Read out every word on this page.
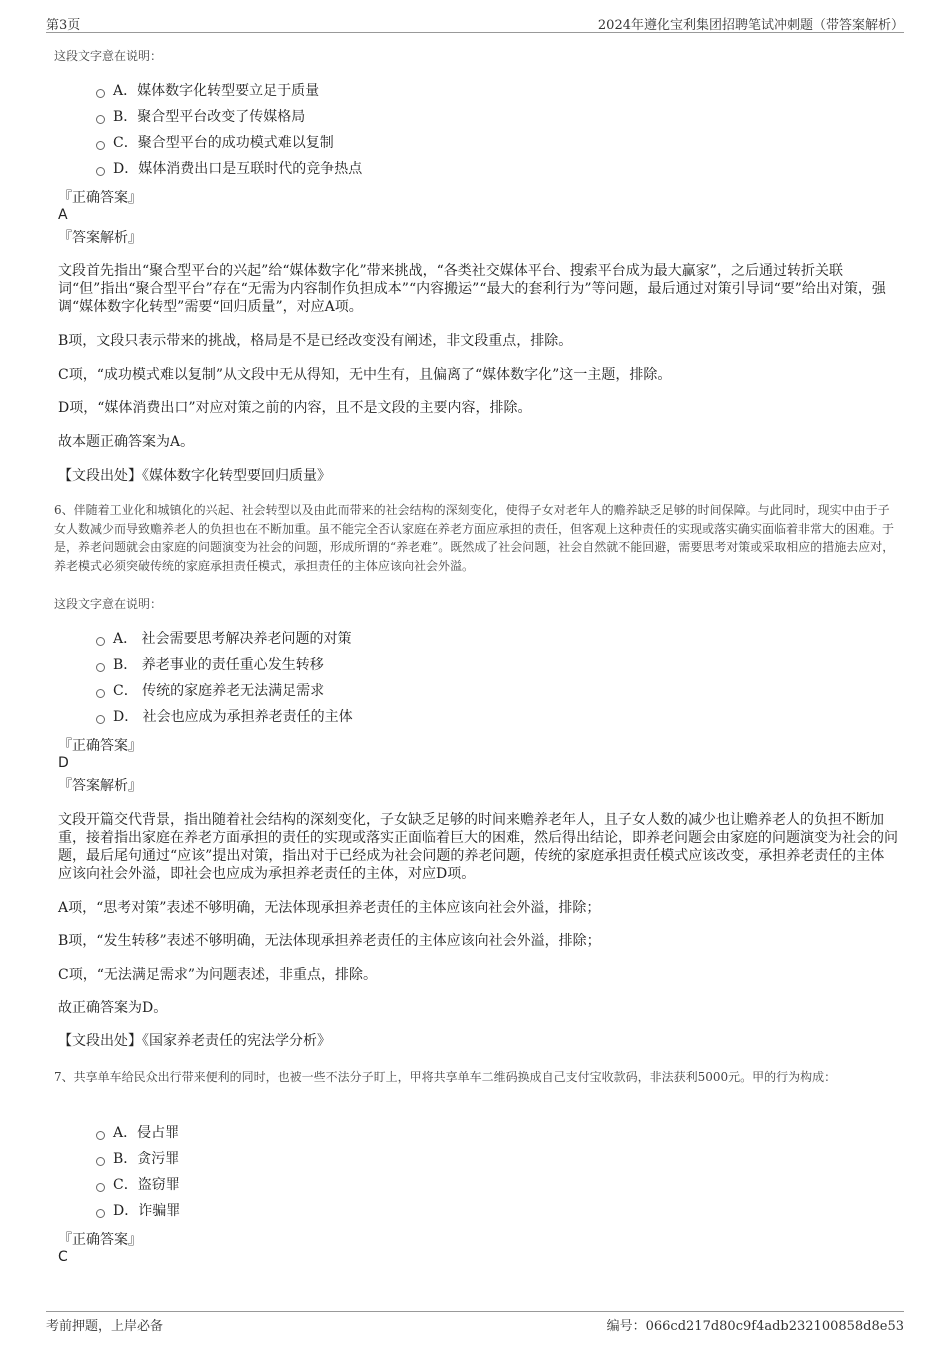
第3页	2024年遵化宝利集团招聘笔试冲刺题（带答案解析）
这段文字意在说明：
A．媒体数字化转型要立足于质量
B．聚合型平台改变了传媒格局
C．聚合型平台的成功模式难以复制
D．媒体消费出口是互联时代的竞争热点
『正确答案』
A
『答案解析』

文段首先指出“聚合型平台的兴起”给“媒体数字化”带来挑战，“各类社交媒体平台、搜索平台成为最大赢家”，之后通过转折关联词“但”指出“聚合型平台”存在“无需为内容制作负担成本”“内容搬运”“最大的套利行为”等问题，最后通过对策引导词“要”给出对策，强调“媒体数字化转型”需要“回归质量”，对应A项。

B项，文段只表示带来的挑战，格局是不是已经改变没有阐述，非文段重点，排除。

C项，“成功模式难以复制”从文段中无从得知，无中生有，且偏离了“媒体数字化”这一主题，排除。

D项，“媒体消费出口”对应对策之前的内容，且不是文段的主要内容，排除。

故本题正确答案为A。

【文段出处】《媒体数字化转型要回归质量》

6、伴随着工业化和城镇化的兴起、社会转型以及由此而带来的社会结构的深刻变化，使得子女对老年人的赡养缺乏足够的时间保障。与此同时，现实中由于子女人数减少而导致赡养老人的负担也在不断加重。虽不能完全否认家庭在养老方面应承担的责任，但客观上这种责任的实现或落实确实面临着非常大的困难。于是，养老问题就会由家庭的问题演变为社会的问题，形成所谓的“养老难”。既然成了社会问题，社会自然就不能回避，需要思考对策或采取相应的措施去应对，养老模式必须突破传统的家庭承担责任模式，承担责任的主体应该向社会外溢。

这段文字意在说明：
A． 社会需要思考解决养老问题的对策
B． 养老事业的责任重心发生转移
C． 传统的家庭养老无法满足需求
D． 社会也应成为承担养老责任的主体
『正确答案』
D
『答案解析』

文段开篇交代背景，指出随着社会结构的深刻变化，子女缺乏足够的时间来赡养老年人，且子女人数的减少也让赡养老人的负担不断加重，接着指出家庭在养老方面承担的责任的实现或落实正面临着巨大的困难，然后得出结论，即养老问题会由家庭的问题演变为社会的问题，最后尾句通过“应该”提出对策，指出对于已经成为社会问题的养老问题，传统的家庭承担责任模式应该改变，承担养老责任的主体应该向社会外溢，即社会也应成为承担养老责任的主体，对应D项。

A项，“思考对策”表述不够明确，无法体现承担养老责任的主体应该向社会外溢，排除；

B项，“发生转移”表述不够明确，无法体现承担养老责任的主体应该向社会外溢，排除；

C项，“无法满足需求”为问题表述，非重点，排除。

故正确答案为D。

【文段出处】《国家养老责任的宪法学分析》

7、共享单车给民众出行带来便利的同时，也被一些不法分子盯上，甲将共享单车二维码换成自己支付宝收款码，非法获利5000元。甲的行为构成：

A．侵占罪
B．贪污罪
C．盗窃罪
D．诈骗罪
『正确答案』
C
考前押题，上岸必备	编号：066cd217d80c9f4adb232100858d8e53
